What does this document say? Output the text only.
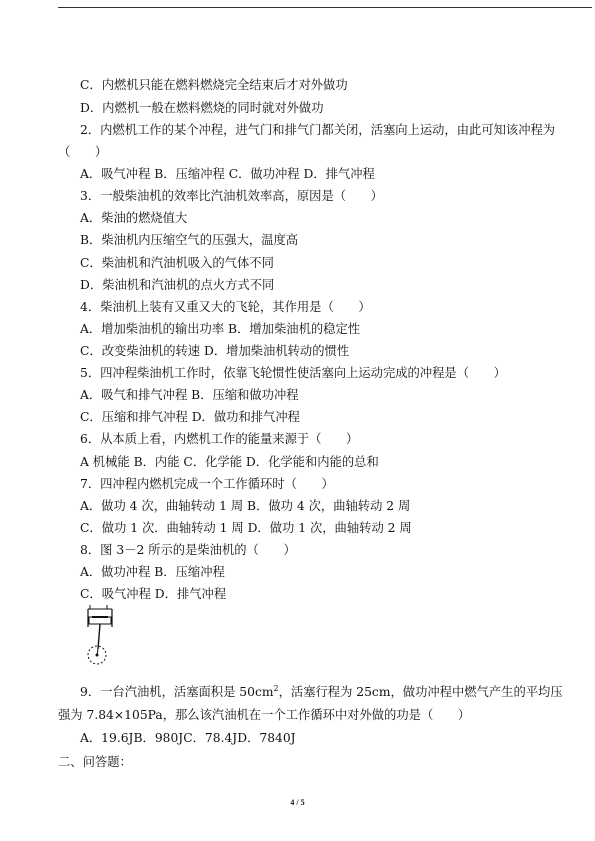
C．内燃机只能在燃料燃烧完全结束后才对外做功
D．内燃机一般在燃料燃烧的同时就对外做功
2．内燃机工作的某个冲程，进气门和排气门都关闭，活塞向上运动，由此可知该冲程为
（　　）
A．吸气冲程 B．压缩冲程 C．做功冲程 D．排气冲程
3．一般柴油机的效率比汽油机效率高，原因是（　　）
A．柴油的燃烧值大
B．柴油机内压缩空气的压强大，温度高
C．柴油机和汽油机吸入的气体不同
D．柴油机和汽油机的点火方式不同
4．柴油机上装有又重又大的飞轮，其作用是（　　）
A．增加柴油机的输出功率 B．增加柴油机的稳定性
C．改变柴油机的转速 D．增加柴油机转动的惯性
5．四冲程柴油机工作时，依靠飞轮惯性使活塞向上运动完成的冲程是（　　）
A．吸气和排气冲程 B．压缩和做功冲程
C．压缩和排气冲程 D．做功和排气冲程
6．从本质上看，内燃机工作的能量来源于（　　）
A 机械能 B．内能 C．化学能 D．化学能和内能的总和
7．四冲程内燃机完成一个工作循环时（　　）
A．做功 4 次，曲轴转动 1 周 B．做功 4 次，曲轴转动 2 周
C．做功 1 次．曲轴转动 1 周 D．做功 1 次，曲轴转动 2 周
8．图 3－2 所示的是柴油机的（　　）
A．做功冲程 B．压缩冲程
C．吸气冲程 D．排气冲程
9．一台汽油机，活塞面积是 $50cm^2$，活塞行程为 25cm，做功冲程中燃气产生的平均压
强为 7.84×105Pa，那么该汽油机在一个工作循环中对外做的功是（　　）
A．19.6JB．980JC．78.4JD．7840J
二、问答题：
4 / 5
